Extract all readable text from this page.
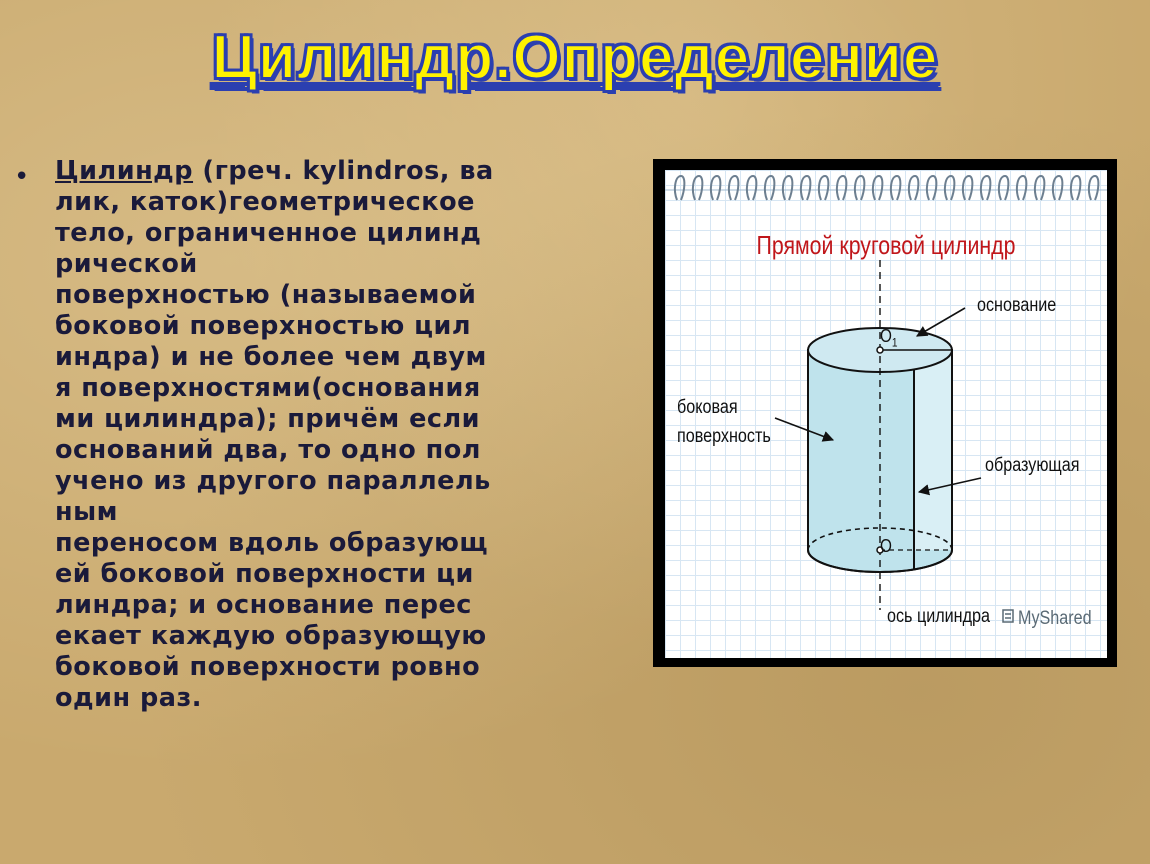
Цилиндр.Определение
• Цилиндр (греч. kylindros, ва
лик, каток)геометрическое
тело, ограниченное цилинд
рической
поверхностью (называемой
боковой поверхностью цил
индра) и не более чем двум
я поверхностями(основания
ми цилиндра); причём если
оснований два, то одно пол
учено из другого параллель
ным
переносом вдоль образующ
ей боковой поверхности ци
линдра; и основание перес
екает каждую образующую
боковой поверхности ровно
один раз.
Прямой круговой цилиндр
$O_1$
O
основание
боковая
поверхность
образующая
ось цилиндра MyShared
